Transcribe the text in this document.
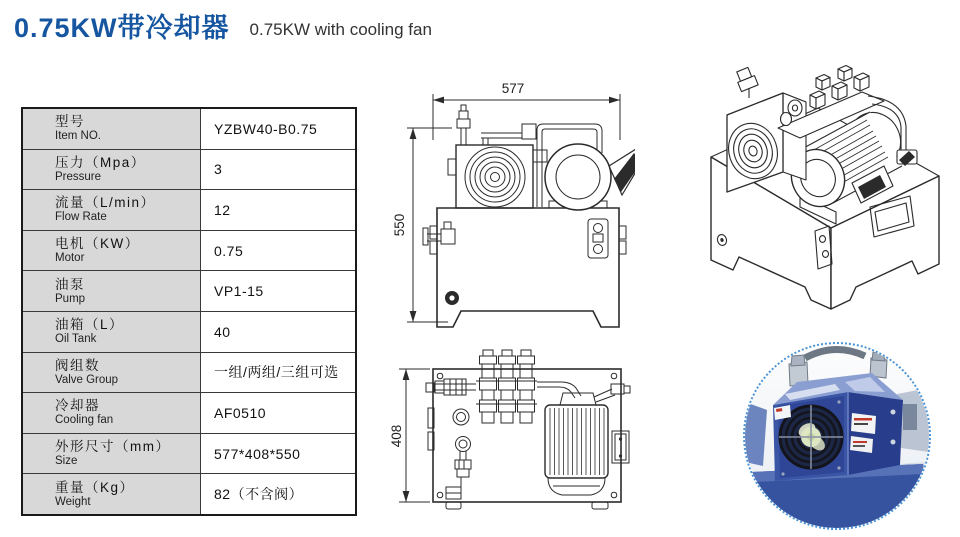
0.75KW带冷却器 0.75KW with cooling fan
型号
Item NO.	YZBW40-B0.75
压力（Mpa）
Pressure	3
流量（L/min）
Flow Rate	12
电机（KW）
Motor	0.75
油泵
Pump	VP1-15
油箱（L）
Oil Tank	40
阀组数
Valve Group	一组/两组/三组可选
冷却器
Cooling fan	AF0510
外形尺寸（mm）
Size	577*408*550
重量（Kg）
Weight	82（不含阀）
577
550
408
